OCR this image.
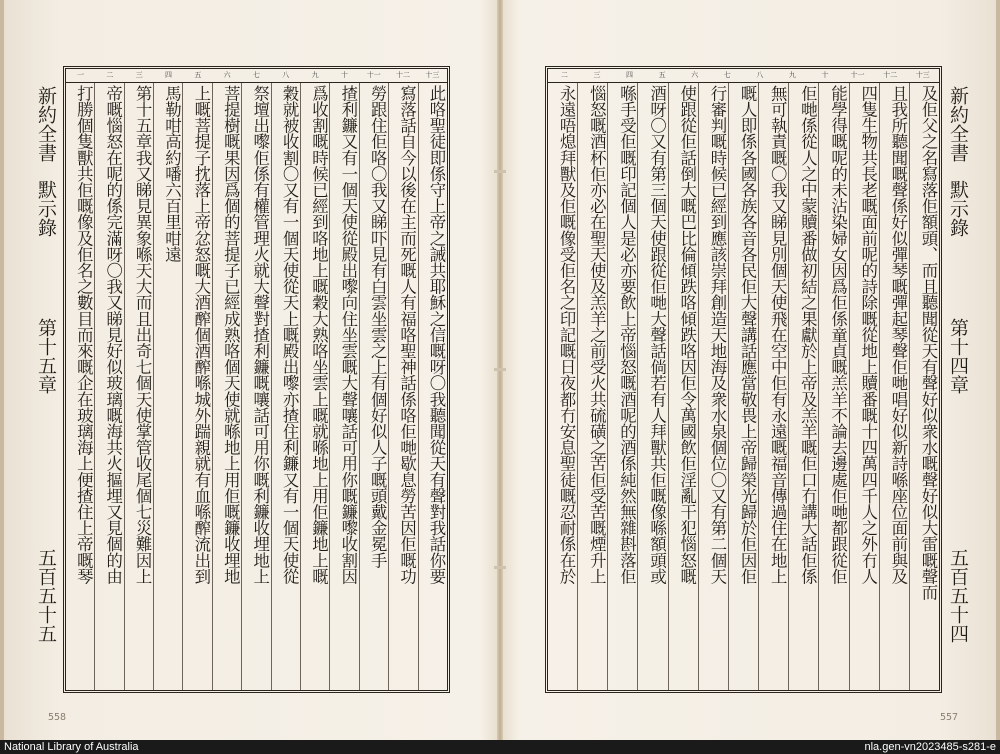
新約全書
默示錄
第十四章
五百五十四
十三
十二
十一
十
九
八
七
六
五
四
三
二
及佢父之名寫落佢額頭、而且聽聞從天有聲好似衆水嘅聲好似大雷嘅聲而
且我所聽聞嘅聲係好似彈琴嘅彈起琴聲佢哋唱好似新詩喺座位面前與及
四隻生物共長老嘅面前呢的詩除嘅從地上贖番嘅十四萬四千人之外冇人
能學得嘅呢的未沾染婦女因爲佢係童貞嘅羔羊不論去邊處佢哋都跟從佢
佢哋係從人之中蒙贖番做初結之果獻於上帝及羔羊嘅佢口冇講大話佢係
無可執責嘅〇我又睇見別個天使飛在空中佢有永遠嘅福音傳過住在地上
嘅人即係各國各族各音各民佢大聲講話應當敬畏上帝歸榮光歸於佢因佢
行審判嘅時候已經到應該崇拜創造天地海及衆水泉個位〇又有第二個天
使跟從佢話倒大嘅巴比倫傾跌咯傾跌咯因佢令萬國飲佢淫亂干犯惱怒嘅
酒呀〇又有第三個天使跟從佢哋大聲話倘若有人拜獸共佢嘅像喺額頭或
喺手受佢嘅印記個人是必亦要飲上帝惱怒嘅酒呢的酒係純然無雜斟落佢
惱怒嘅酒杯佢亦必在聖天使及羔羊之前受火共硫磺之苦佢受苦嘅煙升上
永遠唔熄拜獸及佢嘅像受佢名之印記嘅日夜都冇安息聖徒嘅忍耐係在於
新約全書
默示錄
第十五章
五百五十五
十三
十二
十一
十
九
八
七
六
五
四
三
二
一
此咯聖徒即係守上帝之誡共耶穌之信嘅呀〇我聽聞從天有聲對我話你要
寫落話自今以後在主而死嘅人有福咯聖神話係咯佢哋歇息勞苦因佢嘅功
勞跟住佢咯〇我又睇吓見有白雲坐雲之上有個好似人子嘅頭戴金冕手
揸利鐮又有一個天使從殿出嚟向住坐雲嘅大聲嚷話可用你嘅鐮嚟收割因
爲收割嘅時候已經到咯地上嘅穀大熟咯坐雲上嘅就喺地上用佢鐮地上嘅
穀就被收割〇又有一個天使從天上嘅殿出嚟亦揸住利鐮又有一個天使從
祭壇出嚟佢係有權管理火就大聲對揸利鐮嘅嚷話可用你嘅利鐮收埋地上
菩提樹嘅果因爲個的菩提子已經成熟咯個天使就喺地上用佢嘅鐮收埋地
上嘅菩提子抌落上帝忿怒嘅大酒醡個酒醡喺城外踹親就有血喺醡流出到
馬勒咁高約噃六百里咁遠
第十五章我又睇見異象喺天大而且出奇七個天使掌管收尾個七災難因上
帝嘅惱怒在呢的係完滿呀〇我又睇見好似玻璃嘅海共火摳埋又見個的由
打勝個隻獸共佢嘅像及佢名之數目而來嘅企在玻璃海上便揸住上帝嘅琴
558	557
National Library of Australia	nla.gen-vn2023485-s281-e
